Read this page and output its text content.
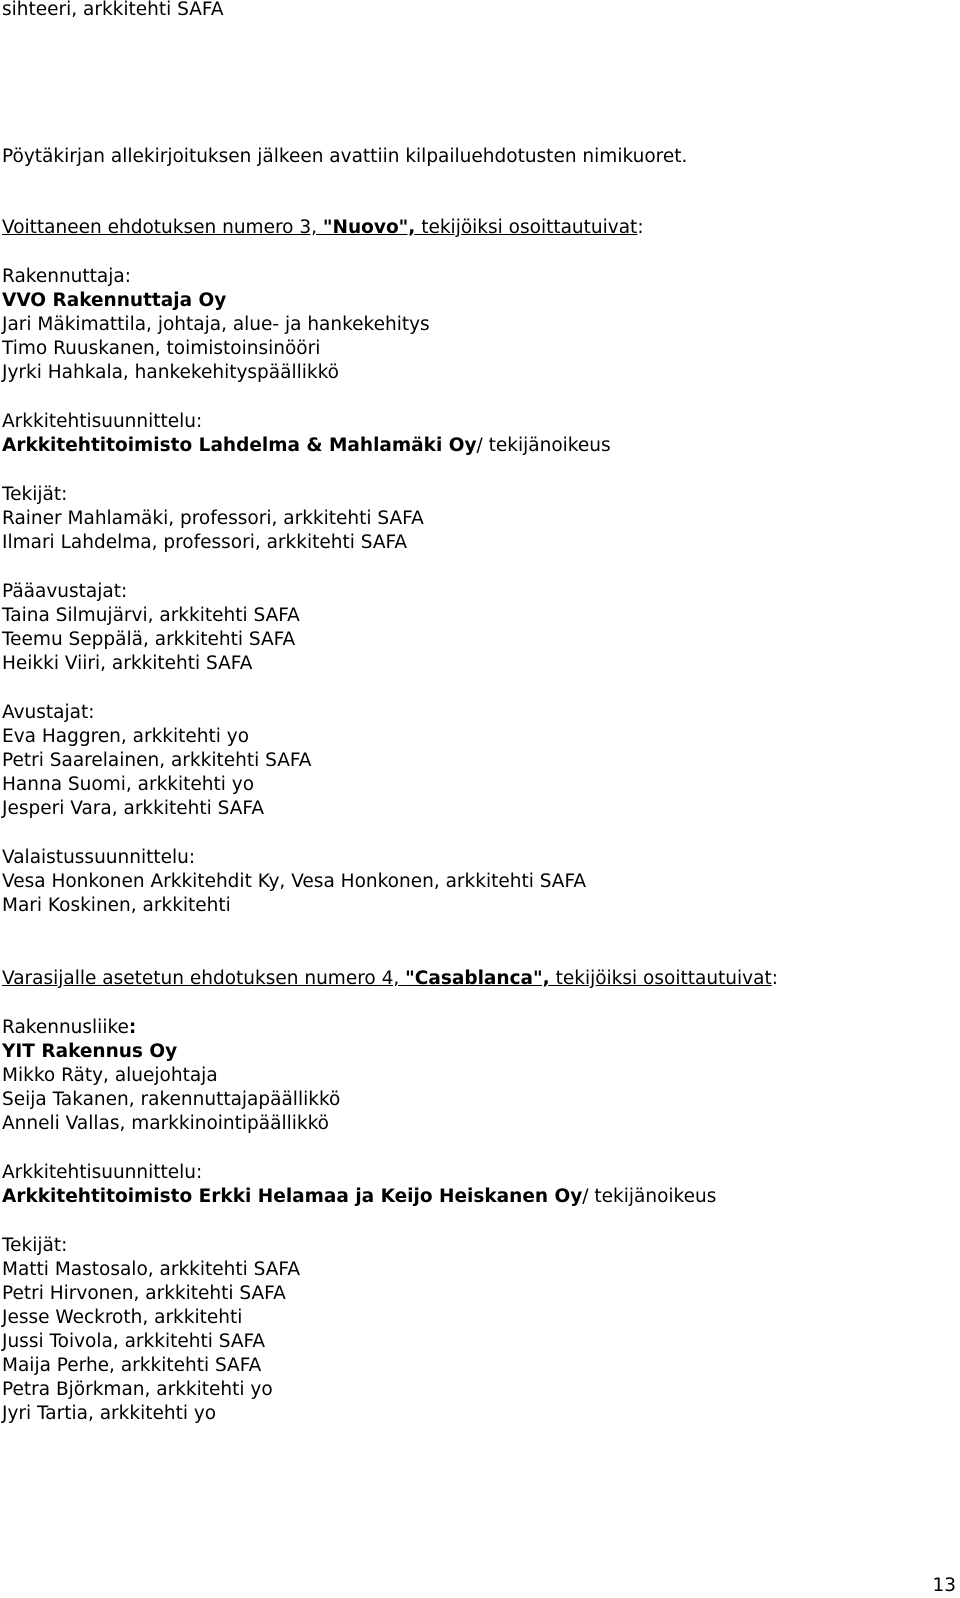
sihteeri, arkkitehti SAFA

Pöytäkirjan allekirjoituksen jälkeen avattiin kilpailuehdotusten nimikuoret.

Voittaneen ehdotuksen numero 3, "Nuovo", tekijöiksi osoittautuivat:

Rakennuttaja:

VVO Rakennuttaja Oy

Jari Mäkimattila, johtaja, alue- ja hankekehitys

Timo Ruuskanen, toimistoinsinööri

Jyrki Hahkala, hankekehityspäällikkö

Arkkitehtisuunnittelu:

Arkkitehtitoimisto Lahdelma & Mahlamäki Oy/ tekijänoikeus

Tekijät:

Rainer Mahlamäki, professori, arkkitehti SAFA

Ilmari Lahdelma, professori, arkkitehti SAFA

Pääavustajat:

Taina Silmujärvi, arkkitehti SAFA

Teemu Seppälä, arkkitehti SAFA

Heikki Viiri, arkkitehti SAFA

Avustajat:

Eva Haggren, arkkitehti yo

Petri Saarelainen, arkkitehti SAFA

Hanna Suomi, arkkitehti yo

Jesperi Vara, arkkitehti SAFA

Valaistussuunnittelu:

Vesa Honkonen Arkkitehdit Ky, Vesa Honkonen, arkkitehti SAFA

Mari Koskinen, arkkitehti

Varasijalle asetetun ehdotuksen numero 4, "Casablanca", tekijöiksi osoittautuivat:

Rakennusliike:

YIT Rakennus Oy

Mikko Räty, aluejohtaja

Seija Takanen, rakennuttajapäällikkö

Anneli Vallas, markkinointipäällikkö

Arkkitehtisuunnittelu:

Arkkitehtitoimisto Erkki Helamaa ja Keijo Heiskanen Oy/ tekijänoikeus

Tekijät:

Matti Mastosalo, arkkitehti SAFA

Petri Hirvonen, arkkitehti SAFA

Jesse Weckroth, arkkitehti

Jussi Toivola, arkkitehti SAFA

Maija Perhe, arkkitehti SAFA

Petra Björkman, arkkitehti yo

Jyri Tartia, arkkitehti yo

13
